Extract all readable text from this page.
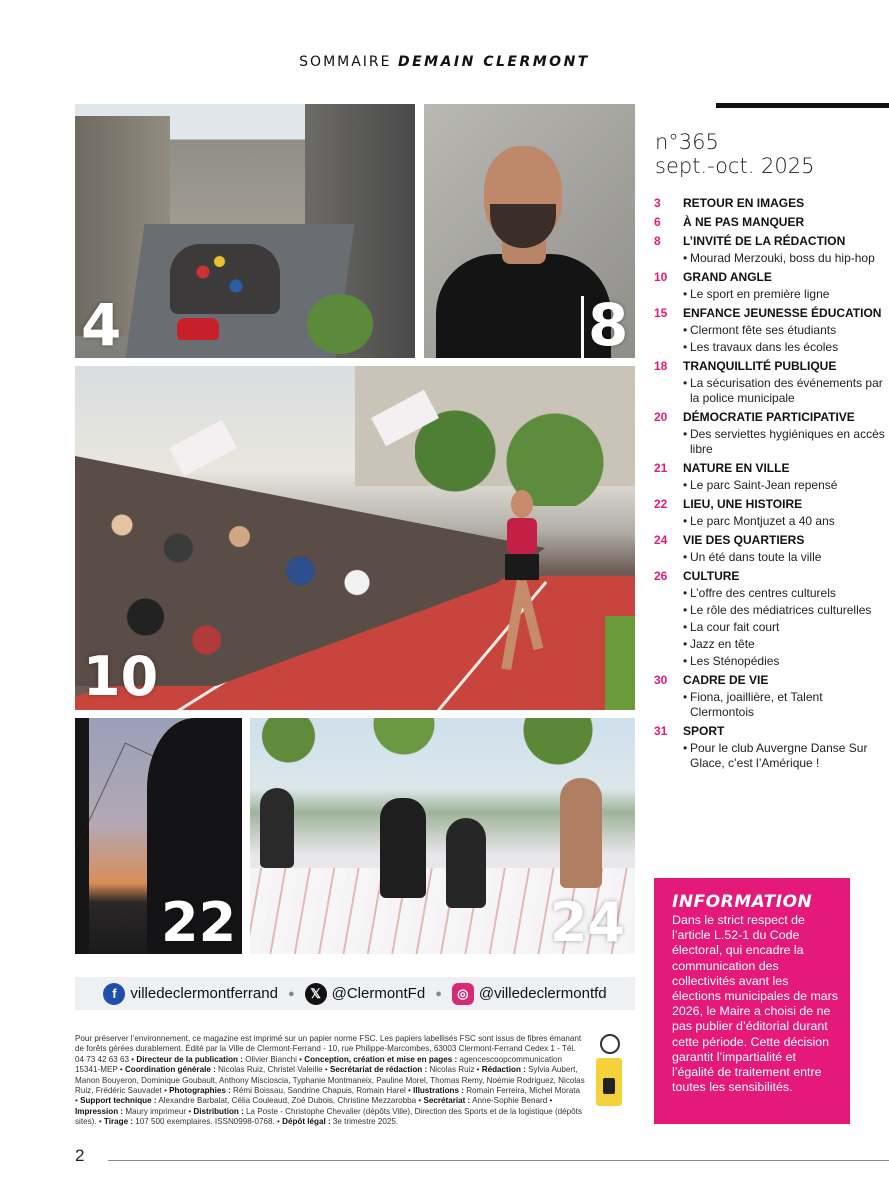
SOMMAIRE DEMAIN CLERMONT
4	8
10
22	24
n°365
sept.-oct. 2025
3	RETOUR EN IMAGES
6	À NE PAS MANQUER
8	L’INVITÉ DE LA RÉDACTION
• Mourad Merzouki, boss du hip-hop
10	GRAND ANGLE
• Le sport en première ligne
15	ENFANCE JEUNESSE ÉDUCATION
• Clermont fête ses étudiants
• Les travaux dans les écoles
18	TRANQUILLITÉ PUBLIQUE
• La sécurisation des événements par la police municipale
20	DÉMOCRATIE PARTICIPATIVE
• Des serviettes hygiéniques en accès libre
21	NATURE EN VILLE
• Le parc Saint-Jean repensé
22	LIEU, UNE HISTOIRE
• Le parc Montjuzet a 40 ans
24	VIE DES QUARTIERS
• Un été dans toute la ville
26	CULTURE
• L’offre des centres culturels
• Le rôle des médiatrices culturelles
• La cour fait court
• Jazz en tête
• Les Sténopédies
30	CADRE DE VIE
• Fiona, joaillière, et Talent Clermontois
31	SPORT
• Pour le club Auvergne Danse Sur Glace, c’est l’Amérique !
INFORMATION
Dans le strict respect de l’article L.52-1 du Code électoral, qui encadre la communication des collectivités avant les élections municipales de mars 2026, le Maire a choisi de ne pas publier d’éditorial durant cette période. Cette décision garantit l’impartialité et l’égalité de traitement entre toutes les sensibilités.
f villedeclermontferrand ●	𝕏 @ClermontFd ●	◎ @villedeclermontfd
Pour préserver l’environnement, ce magazine est imprimé sur un papier norme FSC. Les papiers labellisés FSC sont issus de fibres émanant de forêts gérées durablement. Édité par la Ville de Clermont-Ferrand - 10, rue Philippe-Marcombes, 63003 Clermont-Ferrand Cedex 1 - Tél. 04 73 42 63 63 • Directeur de la publication : Olivier Bianchi • Conception, création et mise en pages : agencescoopcommunication 15341-MEP • Coordination générale : Nicolas Ruiz, Christel Valeille • Secrétariat de rédaction : Nicolas Ruiz • Rédaction : Sylvia Aubert, Manon Bouyeron, Dominique Goubault, Anthony Miscioscia, Typhanie Montmaneix, Pauline Morel, Thomas Remy, Noémie Rodriguez, Nicolas Ruiz, Frédéric Sauvadet • Photographies : Rémi Boissau, Sandrine Chapuis, Romain Harel • Illustrations : Romain Ferreira, Michel Morata • Support technique : Alexandre Barbalat, Célia Couleaud, Zoé Dubois, Christine Mezzarobba • Secrétariat : Anne-Sophie Benard • Impression : Maury imprimeur • Distribution : La Poste - Christophe Chevalier (dépôts Ville), Direction des Sports et de la logistique (dépôts sites). • Tirage : 107 500 exemplaires. ISSN0998-0768. • Dépôt légal : 3e trimestre 2025.
2
